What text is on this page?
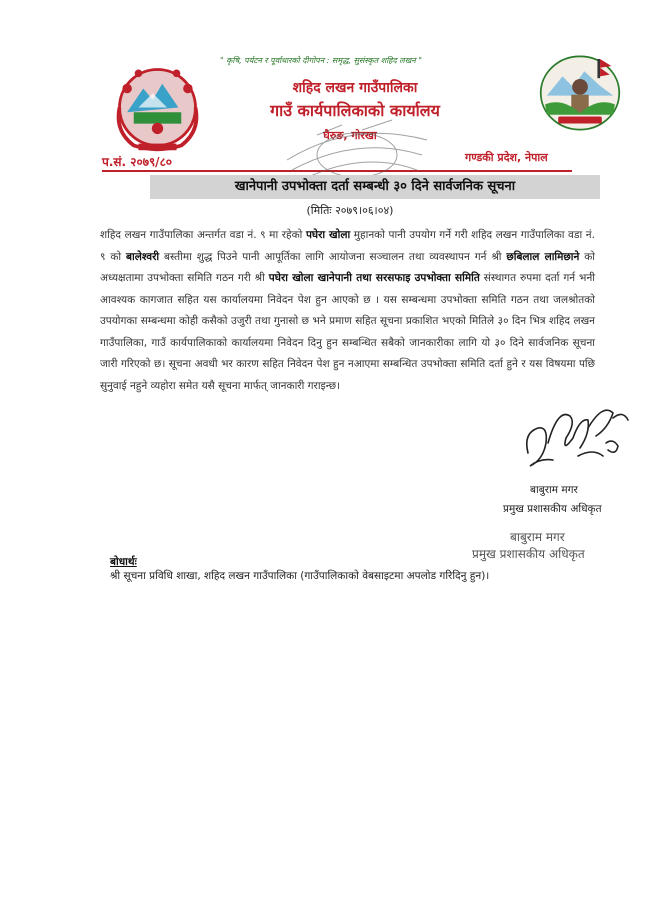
" कृषि, पर्यटन र पूर्वाधारको दीगोपन : समृद्ध, सुसंस्कृत शहिद लखन "
शहिद लखन गाउँपालिका
गाउँ कार्यपालिकाको कार्यालय
घैरुङ, गोरखा
प.सं. २०७९/८०	गण्डकी प्रदेश, नेपाल
खानेपानी उपभोक्ता दर्ता सम्बन्धी ३० दिने सार्वजनिक सूचना
(मितिः २०७९।०६।०४)
शहिद लखन गाउँपालिका अन्तर्गत वडा नं. ९ मा रहेको पघेरा खोला मुहानको पानी उपयोग गर्ने गरी शहिद लखन गाउँपालिका वडा नं. ९ को बालेश्वरी बस्तीमा शुद्ध पिउने पानी आपूर्तिका लागि आयोजना सञ्चालन तथा व्यवस्थापन गर्न श्री छबिलाल लामिछाने को अध्यक्षतामा उपभोक्ता समिति गठन गरी श्री पघेरा खोला खानेपानी तथा सरसफाइ उपभोक्ता समिति संस्थागत रुपमा दर्ता गर्न भनी आवश्यक कागजात सहित यस कार्यालयमा निवेदन पेश हुन आएको छ । यस सम्बन्धमा उपभोक्ता समिति गठन तथा जलश्रोतको उपयोगका सम्बन्धमा कोही कसैको उजुरी तथा गुनासो छ भने प्रमाण सहित सूचना प्रकाशित भएको मितिले ३० दिन भित्र शहिद लखन गाउँपालिका, गाउँ कार्यपालिकाको कार्यालयमा निवेदन दिनु हुन सम्बन्धित सबैको जानकारीका लागि यो ३० दिने सार्वजनिक सूचना जारी गरिएको छ। सूचना अवधी भर कारण सहित निवेदन पेश हुन नआएमा सम्बन्धित उपभोक्ता समिति दर्ता हुने र यस विषयमा पछि सुनुवाई नहुने व्यहोरा समेत यसै सूचना मार्फत् जानकारी गराइन्छ।
बाबुराम मगर
प्रमुख प्रशासकीय अधिकृत
बाबुराम मगर
प्रमुख प्रशासकीय अधिकृत
बोधार्थः
श्री सूचना प्रविधि शाखा, शहिद लखन गाउँपालिका (गाउँपालिकाको वेबसाइटमा अपलोड गरिदिनु हुन)।
